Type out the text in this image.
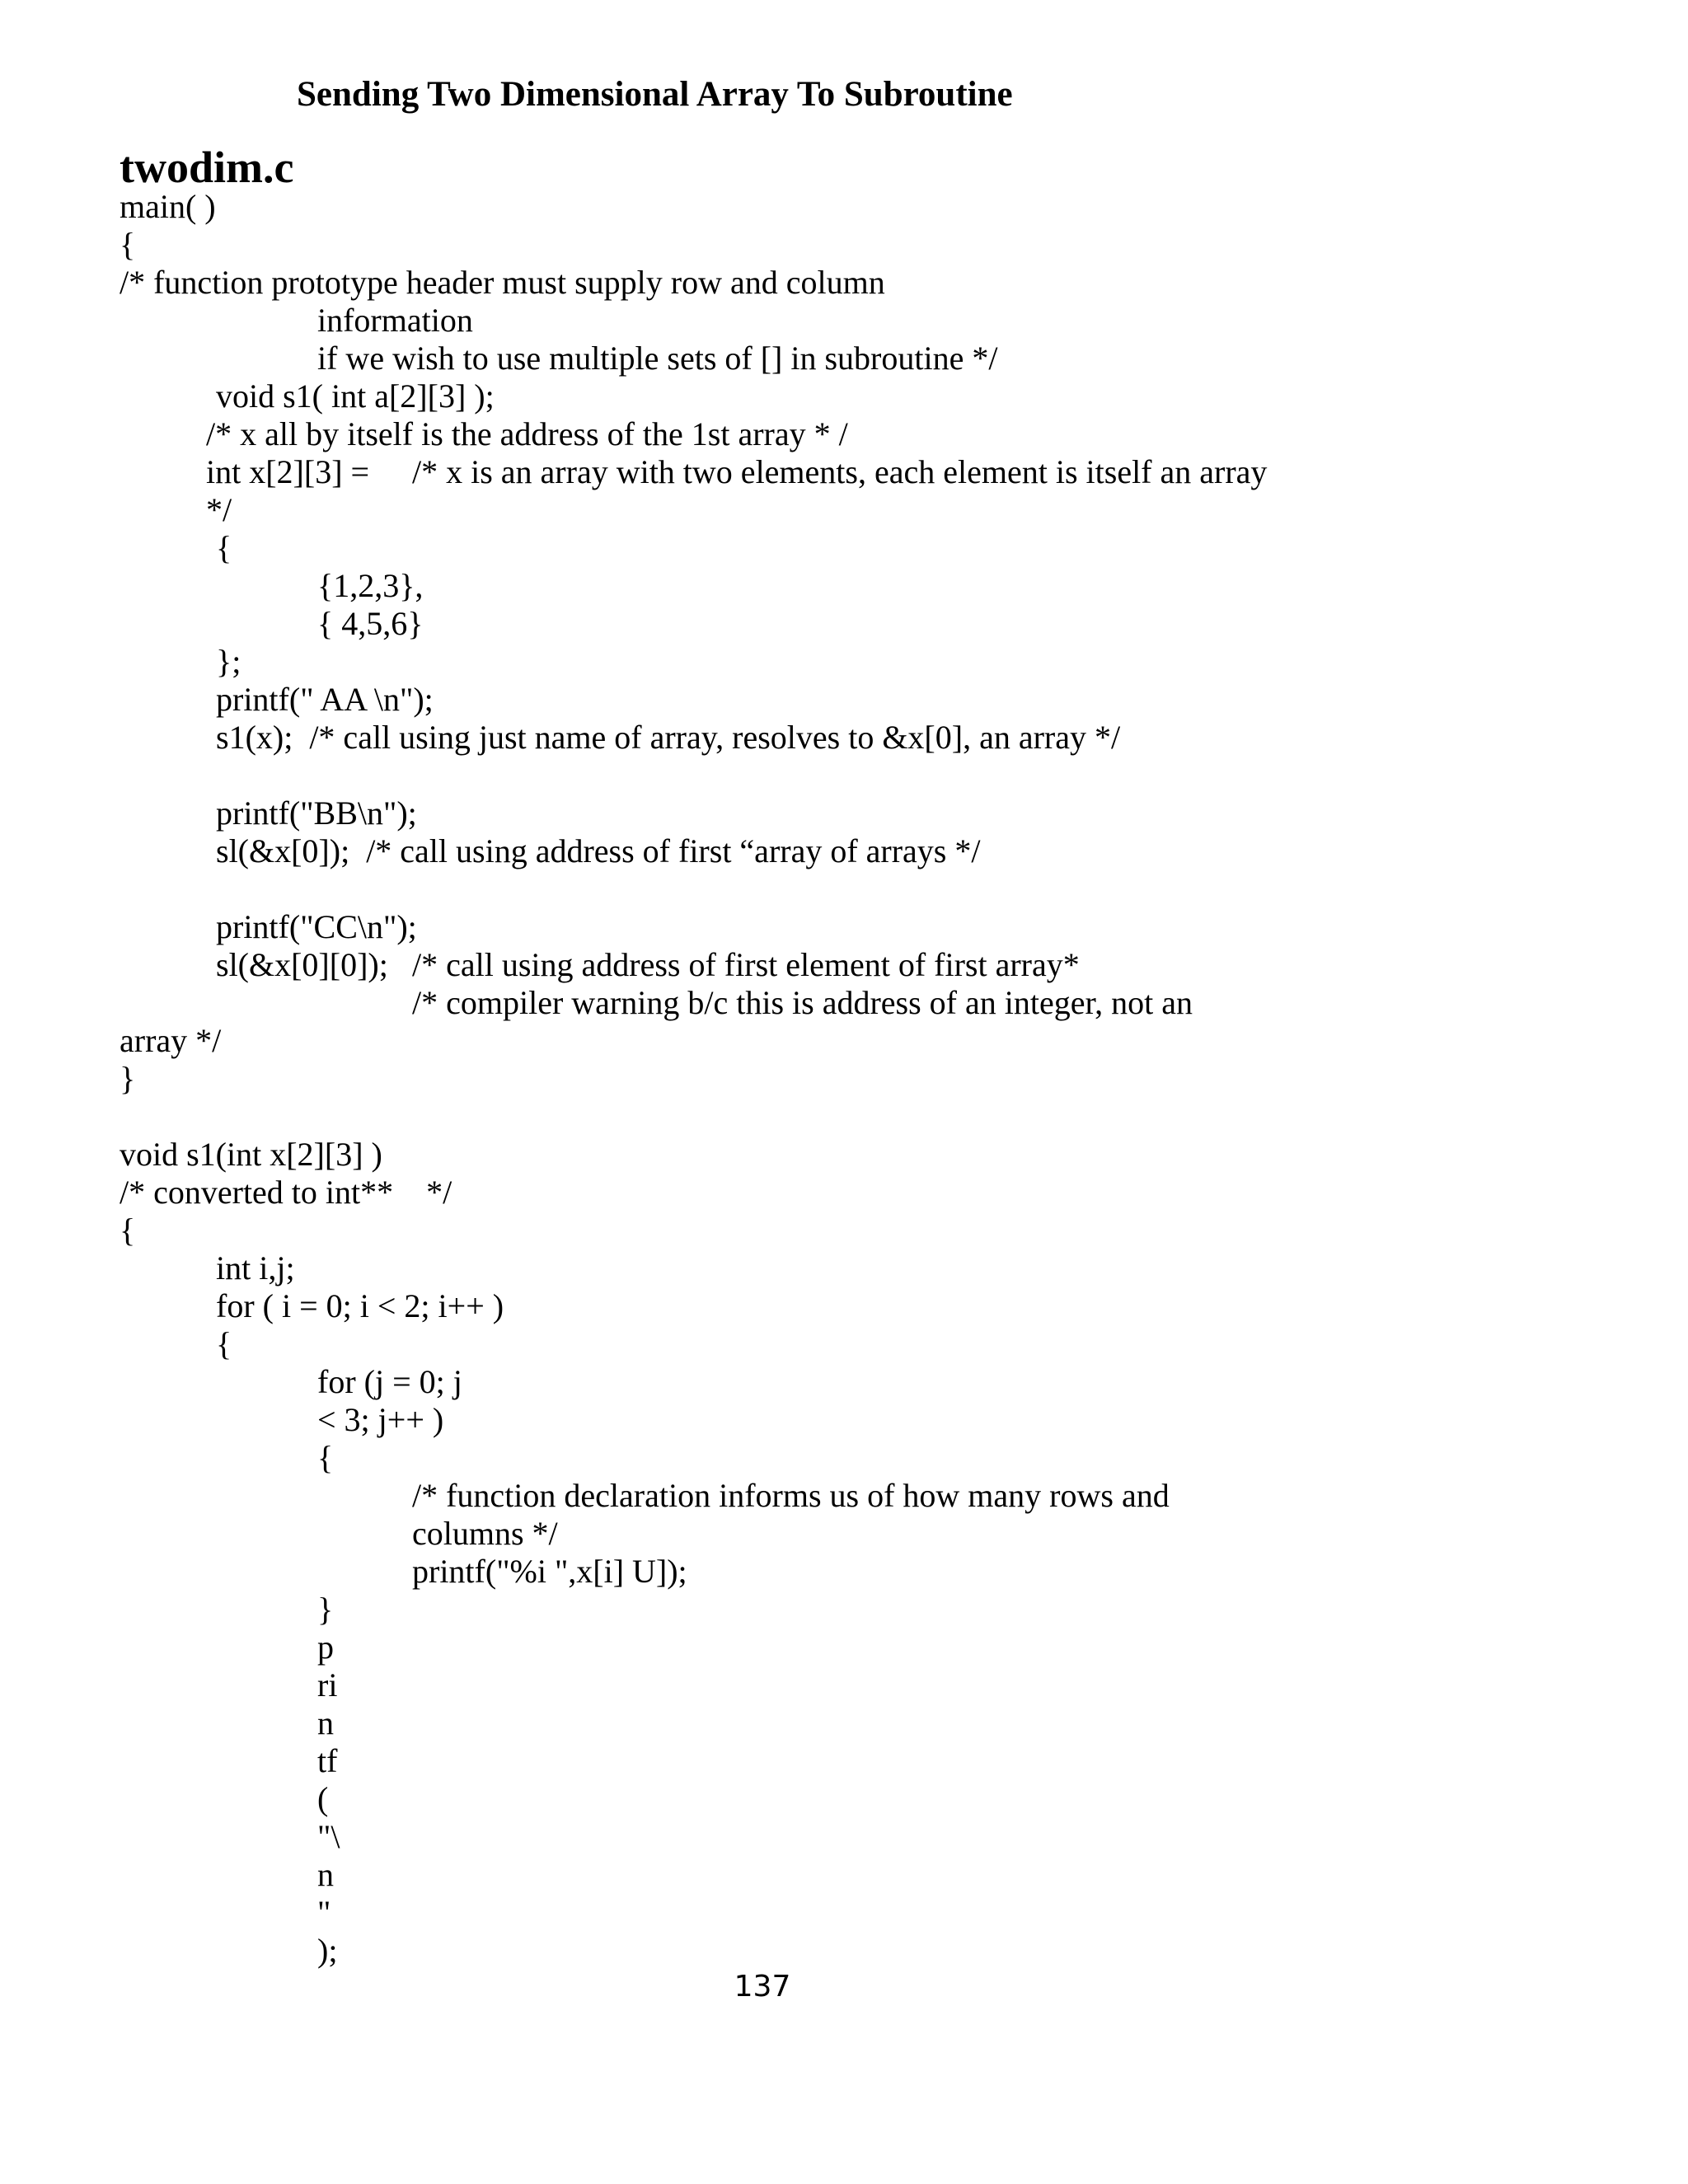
Sending Two Dimensional Array To Subroutine
twodim.c
main( )
{
/* function prototype header must supply row and column
information
if we wish to use multiple sets of [] in subroutine */
void s1( int a[2][3] );
/* x all by itself is the address of the 1st array * /
int x[2][3] = /* x is an array with two elements, each element is itself an array
*/
{
{1,2,3},
{ 4,5,6}
};
printf(" AA \n");
s1(x);  /* call using just name of array, resolves to &x[0], an array */
printf("BB\n");
sl(&x[0]);  /* call using address of first “array of arrays */
printf("CC\n");
sl(&x[0][0]); /* call using address of first element of first array*
/* compiler warning b/c this is address of an integer, not an
array */
}
void s1(int x[2][3] )
/* converted to int**    */
{
int i,j;
for ( i = 0; i < 2; i++ )
{
for (j = 0; j
< 3; j++ )
{
/* function declaration informs us of how many rows and
columns */
printf("%i ",x[i] U]);
}
p
ri
n
tf
(
"\
n
"
);
137
